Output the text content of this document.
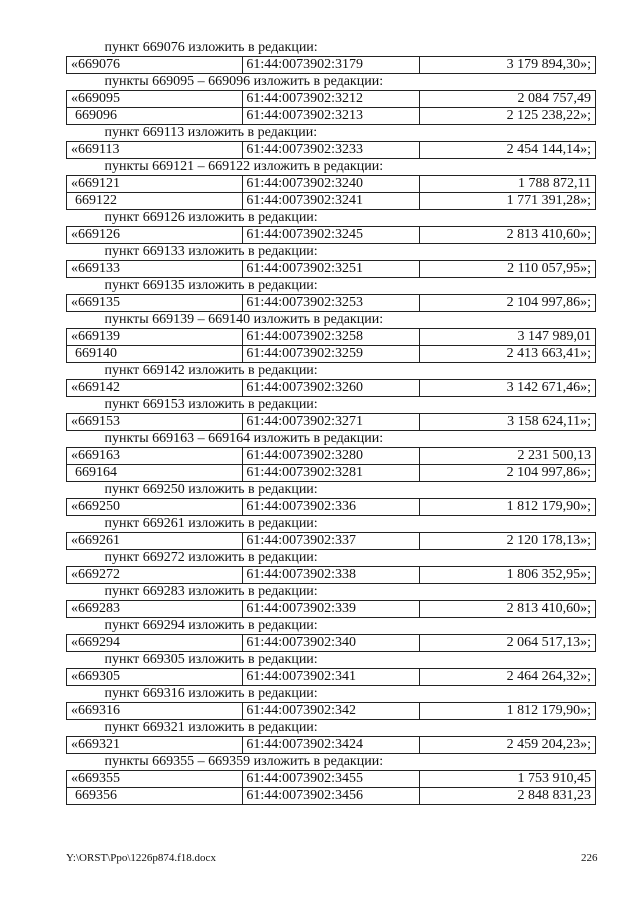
пункт 669076 изложить в редакции:		
«669076	61:44:0073902:3179	3 179 894,30»;
пункты 669095 – 669096 изложить в редакции:		
«669095	61:44:0073902:3212	2 084 757,49
669096	61:44:0073902:3213	2 125 238,22»;
пункт 669113 изложить в редакции:		
«669113	61:44:0073902:3233	2 454 144,14»;
пункты 669121 – 669122 изложить в редакции:		
«669121	61:44:0073902:3240	1 788 872,11
669122	61:44:0073902:3241	1 771 391,28»;
пункт 669126 изложить в редакции:		
«669126	61:44:0073902:3245	2 813 410,60»;
пункт 669133 изложить в редакции:		
«669133	61:44:0073902:3251	2 110 057,95»;
пункт 669135 изложить в редакции:		
«669135	61:44:0073902:3253	2 104 997,86»;
пункты 669139 – 669140 изложить в редакции:		
«669139	61:44:0073902:3258	3 147 989,01
669140	61:44:0073902:3259	2 413 663,41»;
пункт 669142 изложить в редакции:		
«669142	61:44:0073902:3260	3 142 671,46»;
пункт 669153 изложить в редакции:		
«669153	61:44:0073902:3271	3 158 624,11»;
пункты 669163 – 669164 изложить в редакции:		
«669163	61:44:0073902:3280	2 231 500,13
669164	61:44:0073902:3281	2 104 997,86»;
пункт 669250 изложить в редакции:		
«669250	61:44:0073902:336	1 812 179,90»;
пункт 669261 изложить в редакции:		
«669261	61:44:0073902:337	2 120 178,13»;
пункт 669272 изложить в редакции:		
«669272	61:44:0073902:338	1 806 352,95»;
пункт 669283 изложить в редакции:		
«669283	61:44:0073902:339	2 813 410,60»;
пункт 669294 изложить в редакции:		
«669294	61:44:0073902:340	2 064 517,13»;
пункт 669305 изложить в редакции:		
«669305	61:44:0073902:341	2 464 264,32»;
пункт 669316 изложить в редакции:		
«669316	61:44:0073902:342	1 812 179,90»;
пункт 669321 изложить в редакции:		
«669321	61:44:0073902:3424	2 459 204,23»;
пункты 669355 – 669359 изложить в редакции:		
«669355	61:44:0073902:3455	1 753 910,45
669356	61:44:0073902:3456	2 848 831,23
Y:\ORST\Ppo\1226p874.f18.docx	226
